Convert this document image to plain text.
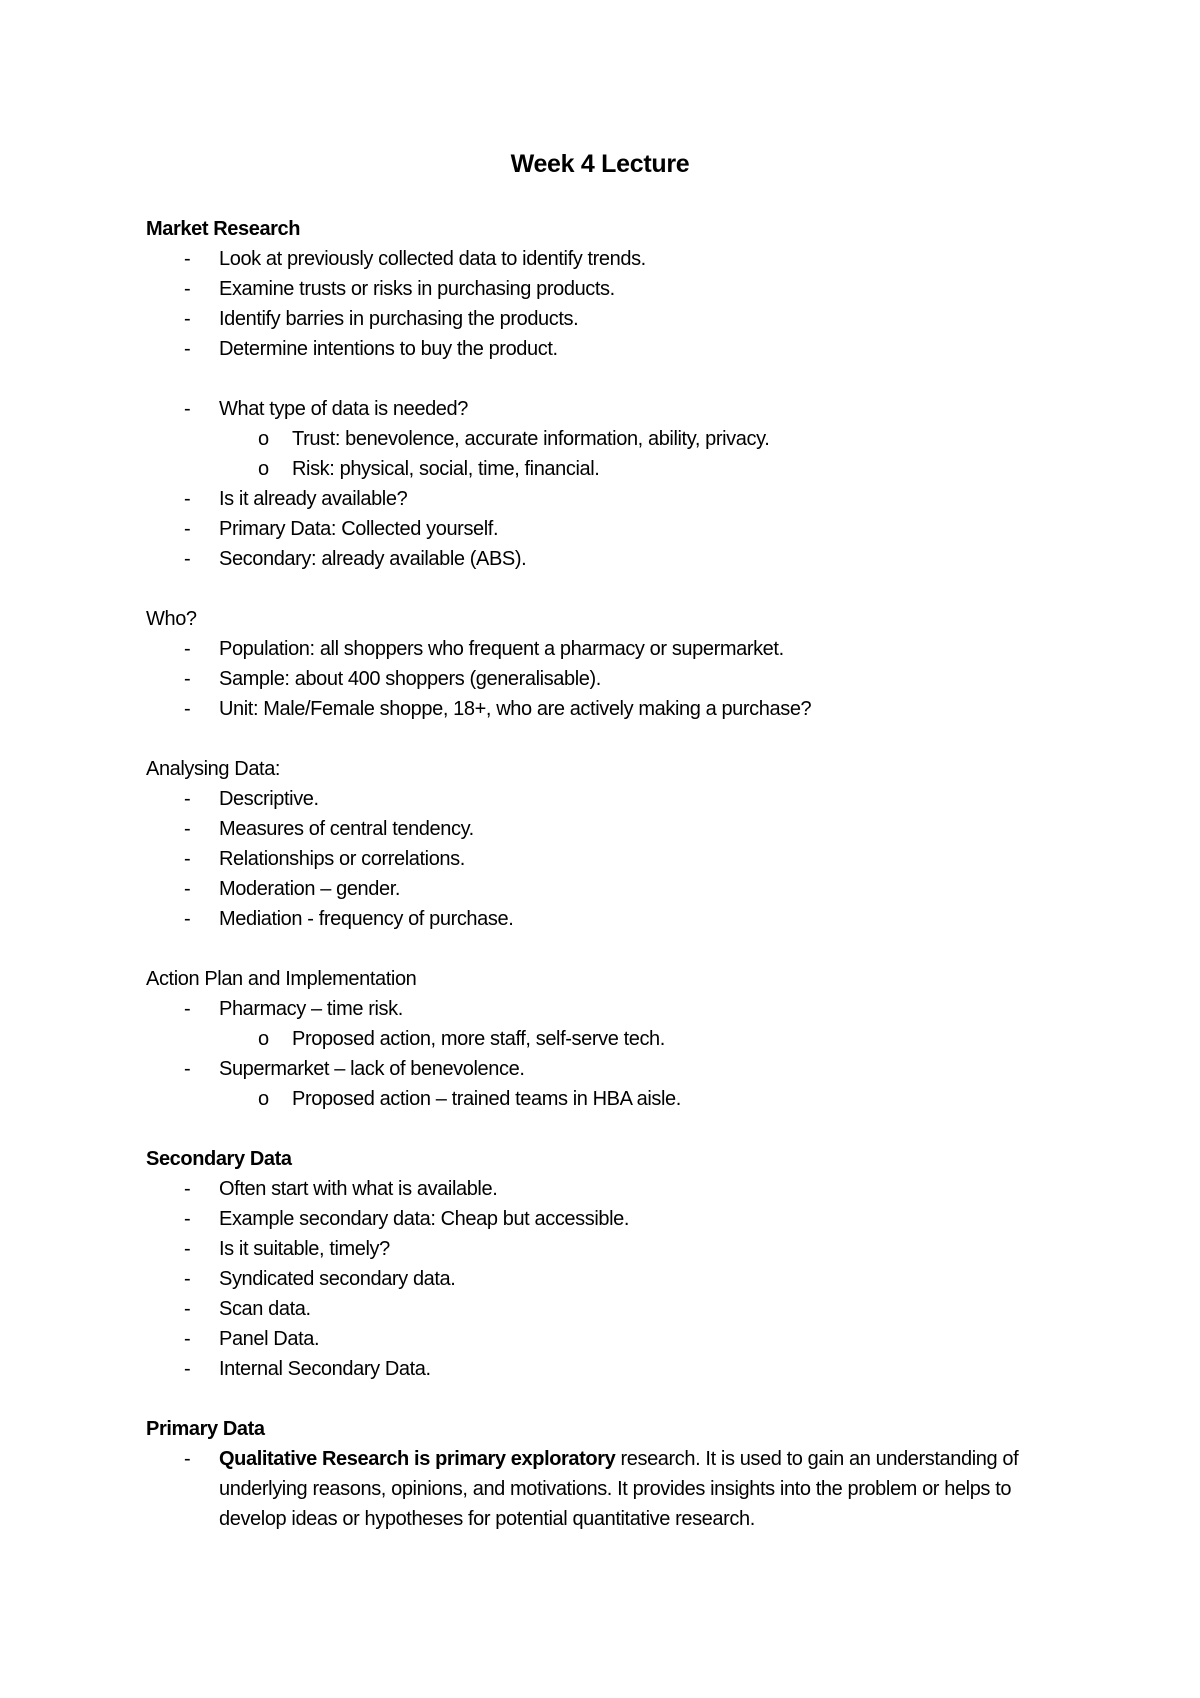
Week 4 Lecture
Market Research
- Look at previously collected data to identify trends.
- Examine trusts or risks in purchasing products.
- Identify barries in purchasing the products.
- Determine intentions to buy the product.
- What type of data is needed?
o Trust: benevolence, accurate information, ability, privacy.
o Risk: physical, social, time, financial.
- Is it already available?
- Primary Data: Collected yourself.
- Secondary: already available (ABS).
Who?
- Population: all shoppers who frequent a pharmacy or supermarket.
- Sample: about 400 shoppers (generalisable).
- Unit: Male/Female shoppe, 18+, who are actively making a purchase?
Analysing Data:
- Descriptive.
- Measures of central tendency.
- Relationships or correlations.
- Moderation – gender.
- Mediation - frequency of purchase.
Action Plan and Implementation
- Pharmacy – time risk.
o Proposed action, more staff, self-serve tech.
- Supermarket – lack of benevolence.
o Proposed action – trained teams in HBA aisle.
Secondary Data
- Often start with what is available.
- Example secondary data: Cheap but accessible.
- Is it suitable, timely?
- Syndicated secondary data.
- Scan data.
- Panel Data.
- Internal Secondary Data.
Primary Data
- Qualitative Research is primary exploratory research. It is used to gain an understanding of underlying reasons, opinions, and motivations. It provides insights into the problem or helps to develop ideas or hypotheses for potential quantitative research.
